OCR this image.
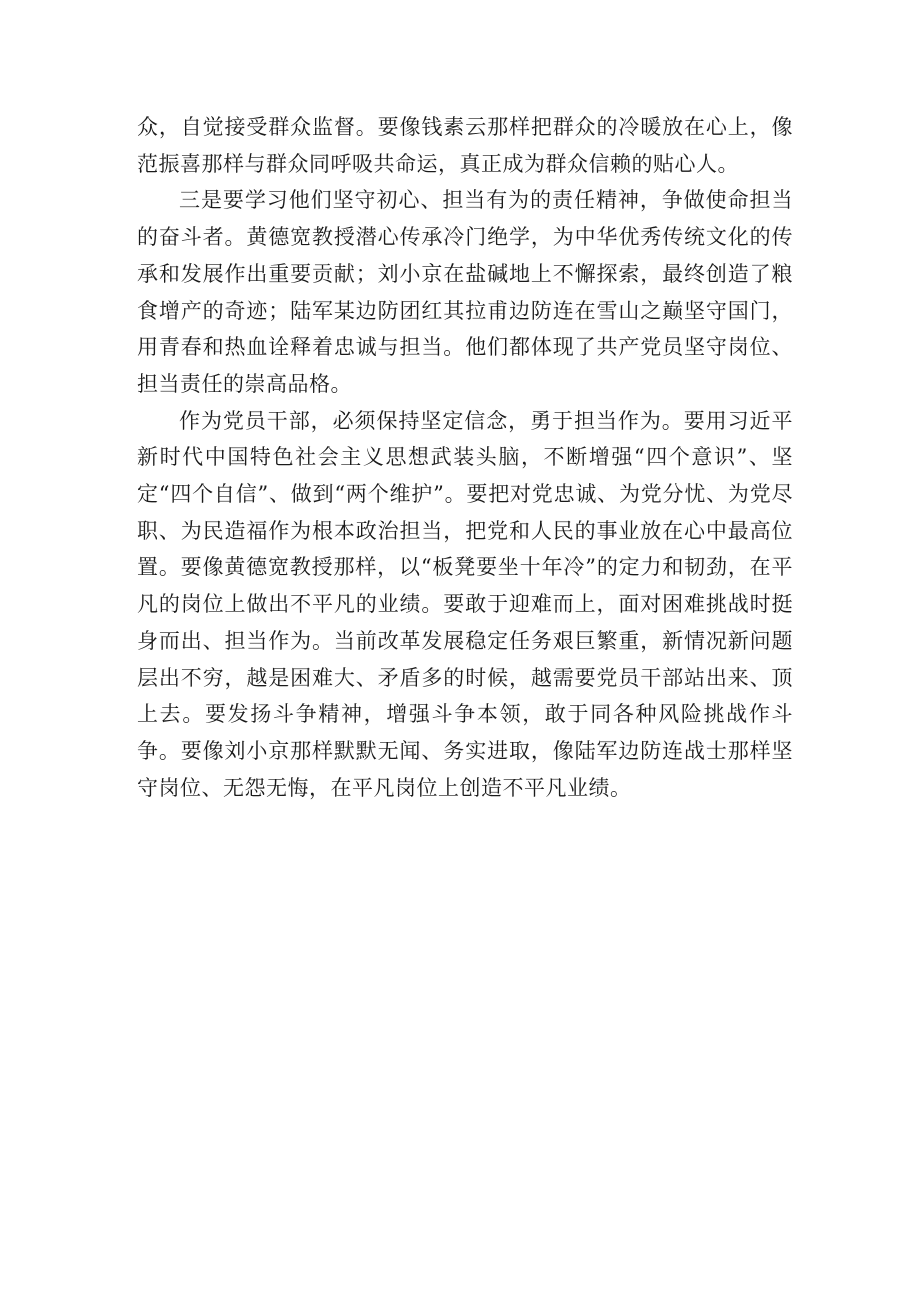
众，自觉接受群众监督。要像钱素云那样把群众的冷暖放在心上，像范振喜那样与群众同呼吸共命运，真正成为群众信赖的贴心人。

三是要学习他们坚守初心、担当有为的责任精神，争做使命担当的奋斗者。黄德宽教授潜心传承冷门绝学，为中华优秀传统文化的传承和发展作出重要贡献；刘小京在盐碱地上不懈探索，最终创造了粮食增产的奇迹；陆军某边防团红其拉甫边防连在雪山之巅坚守国门，用青春和热血诠释着忠诚与担当。他们都体现了共产党员坚守岗位、担当责任的崇高品格。

作为党员干部，必须保持坚定信念，勇于担当作为。要用习近平新时代中国特色社会主义思想武装头脑，不断增强“四个意识”、坚定“四个自信”、做到“两个维护”。要把对党忠诚、为党分忧、为党尽职、为民造福作为根本政治担当，把党和人民的事业放在心中最高位置。要像黄德宽教授那样，以“板凳要坐十年冷”的定力和韧劲，在平凡的岗位上做出不平凡的业绩。要敢于迎难而上，面对困难挑战时挺身而出、担当作为。当前改革发展稳定任务艰巨繁重，新情况新问题层出不穷，越是困难大、矛盾多的时候，越需要党员干部站出来、顶上去。要发扬斗争精神，增强斗争本领，敢于同各种风险挑战作斗争。要像刘小京那样默默无闻、务实进取，像陆军边防连战士那样坚守岗位、无怨无悔，在平凡岗位上创造不平凡业绩。
